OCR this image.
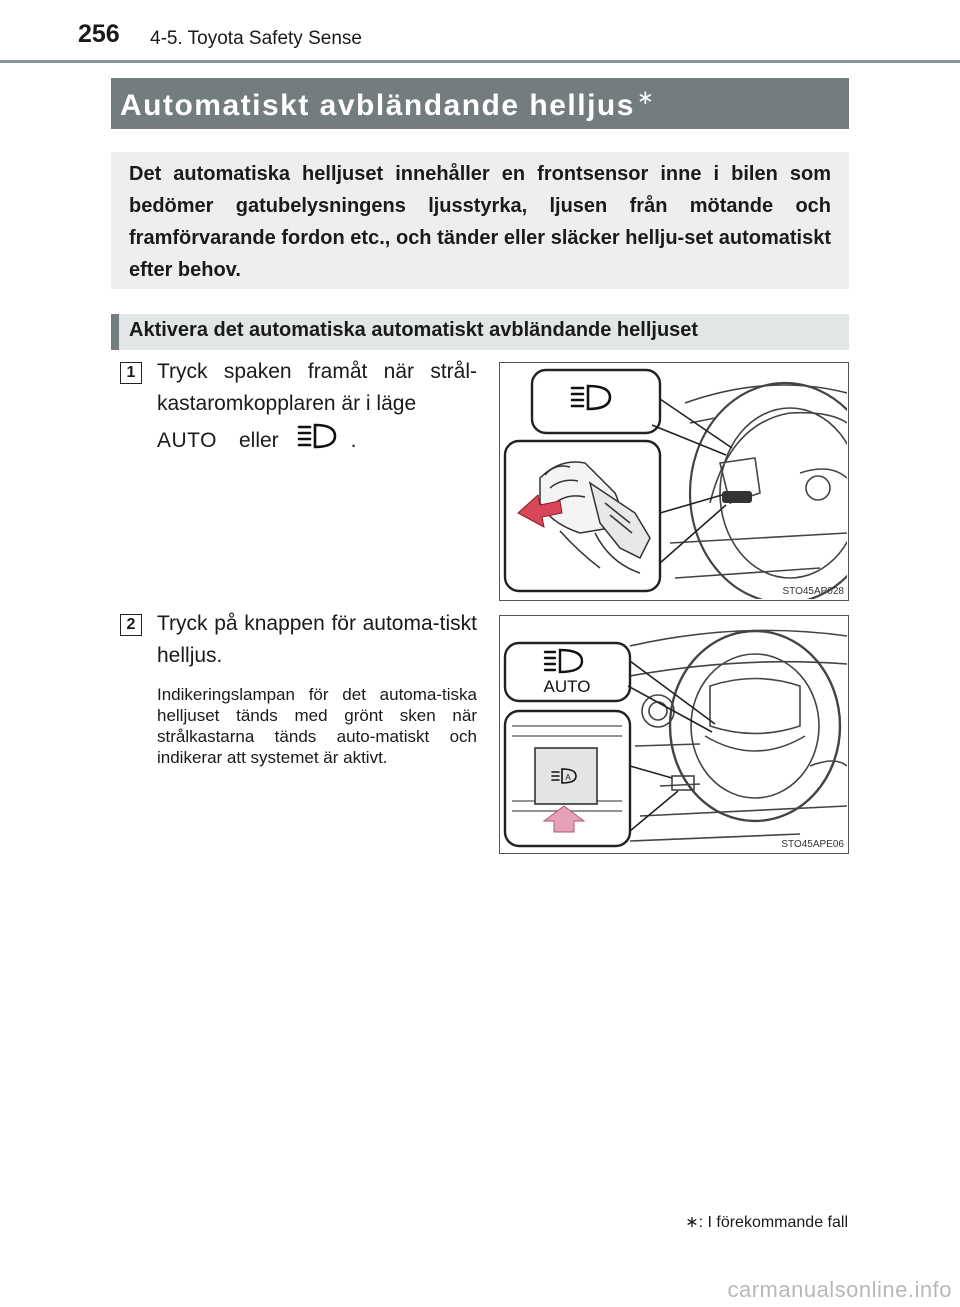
256 4-5. Toyota Safety Sense
Automatiskt avbländande helljus ∗
Det automatiska helljuset innehåller en frontsensor inne i bilen som bedömer gatubelysningens ljusstyrka, ljusen från mötande och framförvarande fordon etc., och tänder eller släcker hellju-set automatiskt efter behov.
Aktivera det automatiska automatiskt avbländande helljuset
1	Tryck spaken framåt när strål-kastaromkopplaren är i läge
AUTO eller	.
STO45AP028
2	Tryck på knappen för automa-tiskt helljus.
Indikeringslampan för det automa-tiska helljuset tänds med grönt sken när strålkastarna tänds auto-matiskt och indikerar att systemet är aktivt.
AUTO
A
STO45APE06
∗: I förekommande fall
carmanualsonline.info
